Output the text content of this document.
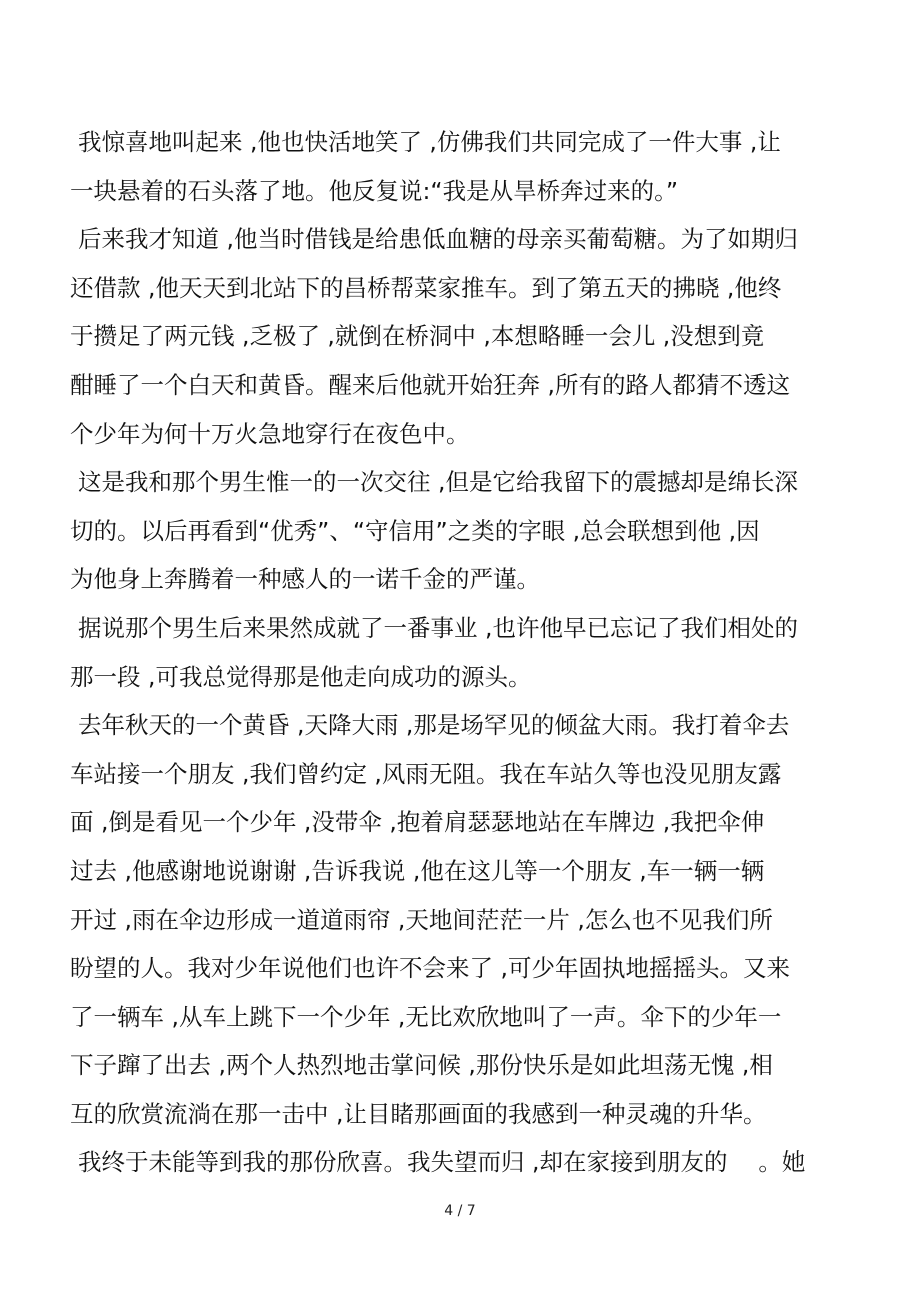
我惊喜地叫起来 ,他也快活地笑了 ,仿佛我们共同完成了一件大事 ,让
一块悬着的石头落了地。他反复说:“我是从旱桥奔过来的。”
后来我才知道 ,他当时借钱是给患低血糖的母亲买葡萄糖。为了如期归
还借款 ,他天天到北站下的昌桥帮菜家推车。到了第五天的拂晓 ,他终
于攒足了两元钱 ,乏极了 ,就倒在桥洞中 ,本想略睡一会儿 ,没想到竟
酣睡了一个白天和黄昏。醒来后他就开始狂奔 ,所有的路人都猜不透这
个少年为何十万火急地穿行在夜色中。
这是我和那个男生惟一的一次交往 ,但是它给我留下的震撼却是绵长深
切的。以后再看到“优秀”、“守信用”之类的字眼 ,总会联想到他 ,因
为他身上奔腾着一种感人的一诺千金的严谨。
据说那个男生后来果然成就了一番事业 ,也许他早已忘记了我们相处的
那一段 ,可我总觉得那是他走向成功的源头。
去年秋天的一个黄昏 ,天降大雨 ,那是场罕见的倾盆大雨。我打着伞去
车站接一个朋友 ,我们曾约定 ,风雨无阻。我在车站久等也没见朋友露
面 ,倒是看见一个少年 ,没带伞 ,抱着肩瑟瑟地站在车牌边 ,我把伞伸
过去 ,他感谢地说谢谢 ,告诉我说 ,他在这儿等一个朋友 ,车一辆一辆
开过 ,雨在伞边形成一道道雨帘 ,天地间茫茫一片 ,怎么也不见我们所
盼望的人。我对少年说他们也许不会来了 ,可少年固执地摇摇头。又来
了一辆车 ,从车上跳下一个少年 ,无比欢欣地叫了一声。伞下的少年一
下子蹿了出去 ,两个人热烈地击掌问候 ,那份快乐是如此坦荡无愧 ,相
互的欣赏流淌在那一击中 ,让目睹那画面的我感到一种灵魂的升华。
我终于未能等到我的那份欣喜。我失望而归 ,却在家接到朋友的　 。她
4 / 7
